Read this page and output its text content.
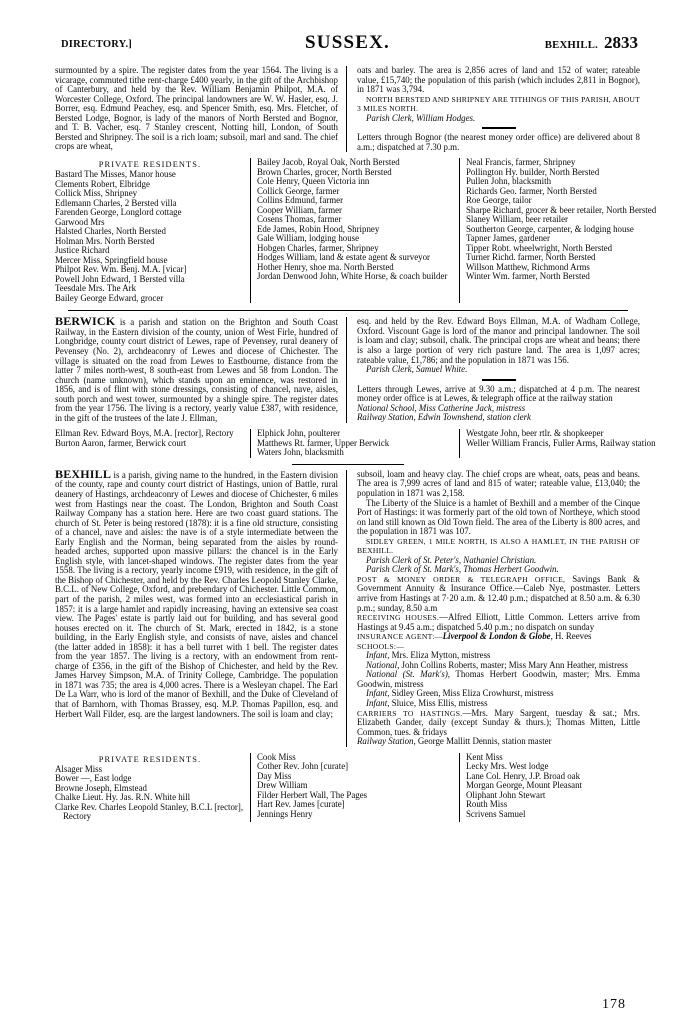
DIRECTORY.]	SUSSEX.	BEXHILL. 2833

surmounted by a spire. The register dates from the year 1564. The living is a vicarage, commuted tithe rent-charge £400 yearly, in the gift of the Archbishop of Canterbury, and held by the Rev. William Benjamin Philpot, M.A. of Worcester College, Oxford. The principal landowners are W. W. Hasler, esq. J. Borrer, esq. Edmund Peachey, esq. and Spencer Smith, esq. Mrs. Fletcher, of Bersted Lodge, Bognor, is lady of the manors of North Bersted and Bognor, and T. B. Vacher, esq. 7 Stanley crescent, Notting hill, London, of South Bersted and Shripney. The soil is a rich loam; subsoil, marl and sand. The chief crops are wheat,

oats and barley. The area is 2,856 acres of land and 152 of water; rateable value, £15,740; the population of this parish (which includes 2,811 in Bognor), in 1871 was 3,794.

NORTH BERSTED AND SHRIPNEY ARE TITHINGS OF THIS PARISH, ABOUT 3 MILES NORTH.

Parish Clerk, William Hodges.

Letters through Bognor (the nearest money order office) are delivered about 8 a.m.; dispatched at 7.30 p.m.

PRIVATE RESIDENTS.

Bastard The Misses, Manor house

Clements Robert, Elbridge

Collick Miss, Shripney

Edlemann Charles, 2 Bersted villa

Farenden George, Longlord cottage

Garwood Mrs

Halsted Charles, North Bersted

Holman Mrs. North Bersted

Justice Richard

Mercer Miss, Springfield house

Philpot Rev. Wm. Benj. M.A. [vicar]

Powell John Edward, 1 Bersted villa

Teesdale Mrs. The Ark

Bailey George Edward, grocer

Bailey Jacob, Royal Oak, North Bersted

Brown Charles, grocer, North Bersted

Cole Henry, Queen Victoria inn

Collick George, farmer

Collins Edmund, farmer

Cooper William, farmer

Cosens Thomas, farmer

Ede James, Robin Hood, Shripney

Gale William, lodging house

Hobgen Charles, farmer, Shripney

Hodges William, land & estate agent & surveyor

Hother Henry, shoe ma. North Bersted

Jordan Denwood John, White Horse, & coach builder

Neal Francis, farmer, Shripney

Pollington Hy. builder, North Bersted

Pullen John, blacksmith

Richards Geo. farmer, North Bersted

Roe George, tailor

Sharpe Richard, grocer & beer retailer, North Bersted

Slaney William, beer retailer

Southerton George, carpenter, & lodging house

Tapner James, gardener

Tipper Robt. wheelwright, North Bersted

Turner Richd. farmer, North Bersted

Willson Matthew, Richmond Arms

Winter Wm. farmer, North Bersted

BERWICK is a parish and station on the Brighton and South Coast Railway, in the Eastern division of the county, union of West Firle, hundred of Longbridge, county court district of Lewes, rape of Pevensey, rural deanery of Pevensey (No. 2), archdeaconry of Lewes and diocese of Chichester. The village is situated on the road from Lewes to Eastbourne, distance from the latter 7 miles north-west, 8 south-east from Lewes and 58 from London. The church (name unknown), which stands upon an eminence, was restored in 1856, and is of flint with stone dressings, consisting of chancel, nave, aisles, south porch and west tower, surmounted by a shingle spire. The register dates from the year 1756. The living is a rectory, yearly value £387, with residence, in the gift of the trustees of the late J. Ellman,

esq. and held by the Rev. Edward Boys Ellman, M.A. of Wadham College, Oxford. Viscount Gage is lord of the manor and principal landowner. The soil is loam and clay; subsoil, chalk. The principal crops are wheat and beans; there is also a large portion of very rich pasture land. The area is 1,097 acres; rateable value, £1,786; and the population in 1871 was 156.

Parish Clerk, Samuel White.

Letters through Lewes, arrive at 9.30 a.m.; dispatched at 4 p.m. The nearest money order office is at Lewes, & telegraph office at the railway station

National School, Miss Catherine Jack, mistress

Railway Station, Edwin Townshend, station clerk

Ellman Rev. Edward Boys, M.A. [rector], Rectory

Burton Aaron, farmer, Berwick court

Elphick John, poulterer

Matthews Rt. farmer, Upper Berwick

Waters John, blacksmith

Westgate John, beer rtlr. & shopkeeper

Weller William Francis, Fuller Arms, Railway station

BEXHILL is a parish, giving name to the hundred, in the Eastern division of the county, rape and county court district of Hastings, union of Battle, rural deanery of Hastings, archdeaconry of Lewes and diocese of Chichester, 6 miles west from Hastings near the coast. The London, Brighton and South Coast Railway Company has a station here. Here are two coast guard stations. The church of St. Peter is being restored (1878): it is a fine old structure, consisting of a chancel, nave and aisles: the nave is of a style intermediate between the Early English and the Norman, being separated from the aisles by round-headed arches, supported upon massive pillars: the chancel is in the Early English style, with lancet-shaped windows. The register dates from the year 1558. The living is a rectory, yearly income £919, with residence, in the gift of the Bishop of Chichester, and held by the Rev. Charles Leopold Stanley Clarke, B.C.L. of New College, Oxford, and prebendary of Chichester. Little Common, part of the parish, 2 miles west, was formed into an ecclesiastical parish in 1857: it is a large hamlet and rapidly increasing, having an extensive sea coast view. The Pages' estate is partly laid out for building, and has several good houses erected on it. The church of St. Mark, erected in 1842, is a stone building, in the Early English style, and consists of nave, aisles and chancel (the latter added in 1858): it has a bell turret with 1 bell. The register dates from the year 1857. The living is a rectory, with an endowment from rent-charge of £356, in the gift of the Bishop of Chichester, and held by the Rev. James Harvey Simpson, M.A. of Trinity College, Cambridge. The population in 1871 was 735; the area is 4,000 acres. There is a Wesleyan chapel. The Earl De La Warr, who is lord of the manor of Bexhill, and the Duke of Cleveland of that of Barnhorn, with Thomas Brassey, esq. M.P. Thomas Papillon, esq. and Herbert Wall Filder, esq. are the largest landowners. The soil is loam and clay;

subsoil, loam and heavy clay. The chief crops are wheat, oats, peas and beans. The area is 7,999 acres of land and 815 of water; rateable value, £13,040; the population in 1871 was 2,158.

The Liberty of the Sluice is a hamlet of Bexhill and a member of the Cinque Port of Hastings: it was formerly part of the old town of Northeye, which stood on land still known as Old Town field. The area of the Liberty is 800 acres, and the population in 1871 was 107.

SIDLEY GREEN, 1 MILE NORTH, IS ALSO A HAMLET, IN THE PARISH OF BEXHILL.

Parish Clerk of St. Peter's, Nathaniel Christian.

Parish Clerk of St. Mark's, Thomas Herbert Goodwin.

POST & MONEY ORDER & TELEGRAPH OFFICE, Savings Bank & Government Annuity & Insurance Office.—Caleb Nye, postmaster. Letters arrive from Hastings at 7·20 a.m. & 12.40 p.m.; dispatched at 8.50 a.m. & 6.30 p.m.; sunday, 8.50 a.m

RECEIVING HOUSES.—Alfred Elliott, Little Common. Letters arrive from Hastings at 9.45 a.m.; dispatched 5.40 p.m.; no dispatch on sunday

INSURANCE AGENT:—Liverpool & London & Globe, H. Reeves

SCHOOLS:—

Infant, Mrs. Eliza Mytton, mistress

National, John Collins Roberts, master; Miss Mary Ann Heather, mistress

National (St. Mark's), Thomas Herbert Goodwin, master; Mrs. Emma Goodwin, mistress

Infant, Sidley Green, Miss Eliza Crowhurst, mistress

Infant, Sluice, Miss Ellis, mistress

CARRIERS TO HASTINGS.—Mrs. Mary Sargent, tuesday & sat.; Mrs. Elizabeth Gander, daily (except Sunday & thurs.); Thomas Mitten, Little Common, tues. & fridays

Railway Station, George Mallitt Dennis, station master

PRIVATE RESIDENTS.

Alsager Miss

Bower —, East lodge

Browne Joseph, Elmstead

Chalke Lieut. Hy. Jas. R.N. White hill

Clarke Rev. Charles Leopold Stanley, B.C.L [rector], Rectory

Cook Miss

Cother Rev. John [curate]

Day Miss

Drew William

Filder Herbert Wall, The Pages

Hart Rev. James [curate]

Jennings Henry

Kent Miss

Lecky Mrs. West lodge

Lane Col. Henry, J.P. Broad oak

Morgan George, Mount Pleasant

Oliphant John Stewart

Routh Miss

Scrivens Samuel

178
